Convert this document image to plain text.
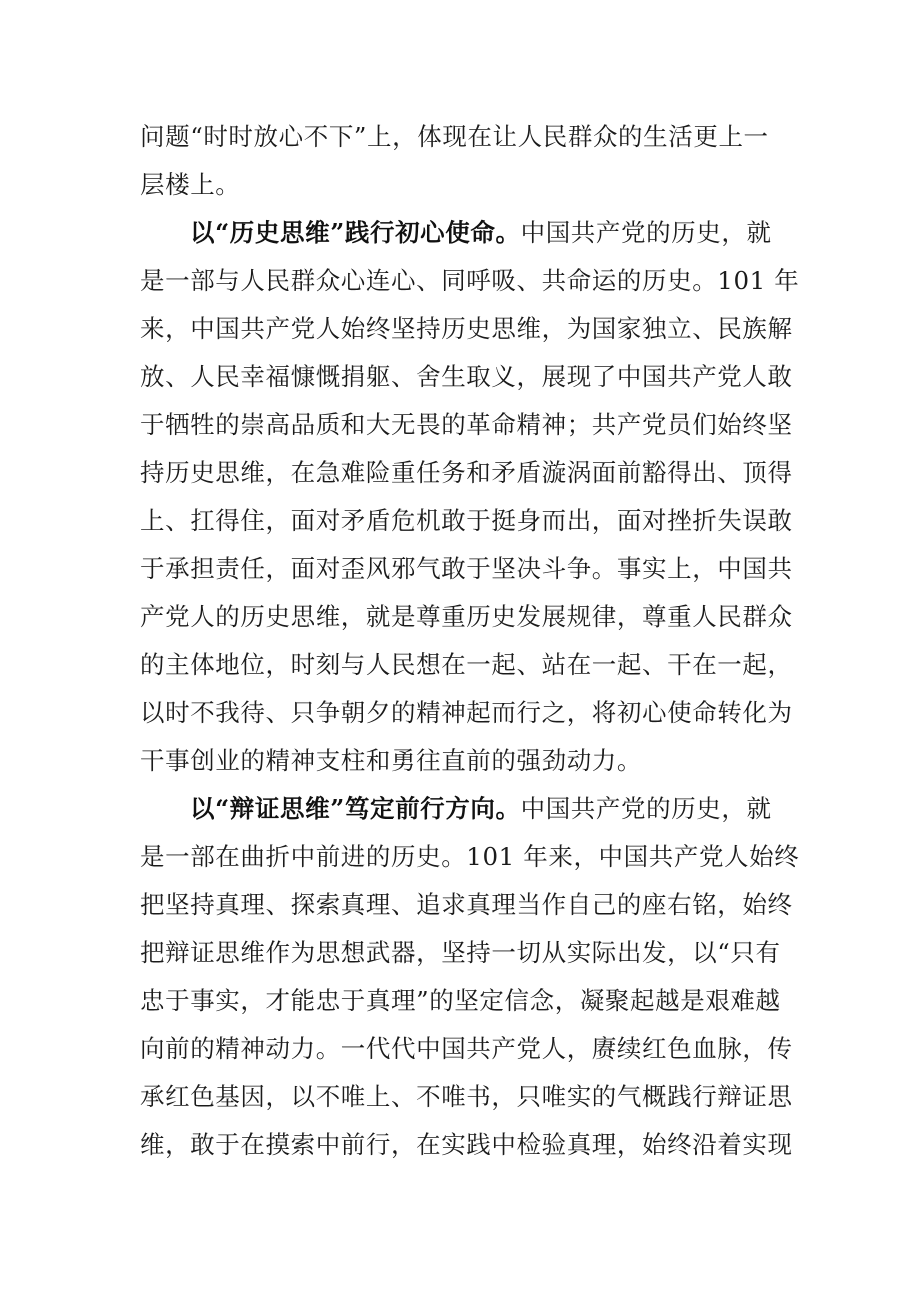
问题“时时放心不下”上，体现在让人民群众的生活更上一
层楼上。
以“历史思维”践行初心使命。中国共产党的历史，就
是一部与人民群众心连心、同呼吸、共命运的历史。101 年
来，中国共产党人始终坚持历史思维，为国家独立、民族解
放、人民幸福慷慨捐躯、舍生取义，展现了中国共产党人敢
于牺牲的崇高品质和大无畏的革命精神；共产党员们始终坚
持历史思维，在急难险重任务和矛盾漩涡面前豁得出、顶得
上、扛得住，面对矛盾危机敢于挺身而出，面对挫折失误敢
于承担责任，面对歪风邪气敢于坚决斗争。事实上，中国共
产党人的历史思维，就是尊重历史发展规律，尊重人民群众
的主体地位，时刻与人民想在一起、站在一起、干在一起，
以时不我待、只争朝夕的精神起而行之，将初心使命转化为
干事创业的精神支柱和勇往直前的强劲动力。
以“辩证思维”笃定前行方向。中国共产党的历史，就
是一部在曲折中前进的历史。101 年来，中国共产党人始终
把坚持真理、探索真理、追求真理当作自己的座右铭，始终
把辩证思维作为思想武器，坚持一切从实际出发，以“只有
忠于事实，才能忠于真理”的坚定信念，凝聚起越是艰难越
向前的精神动力。一代代中国共产党人，赓续红色血脉，传
承红色基因，以不唯上、不唯书，只唯实的气概践行辩证思
维，敢于在摸索中前行，在实践中检验真理，始终沿着实现
